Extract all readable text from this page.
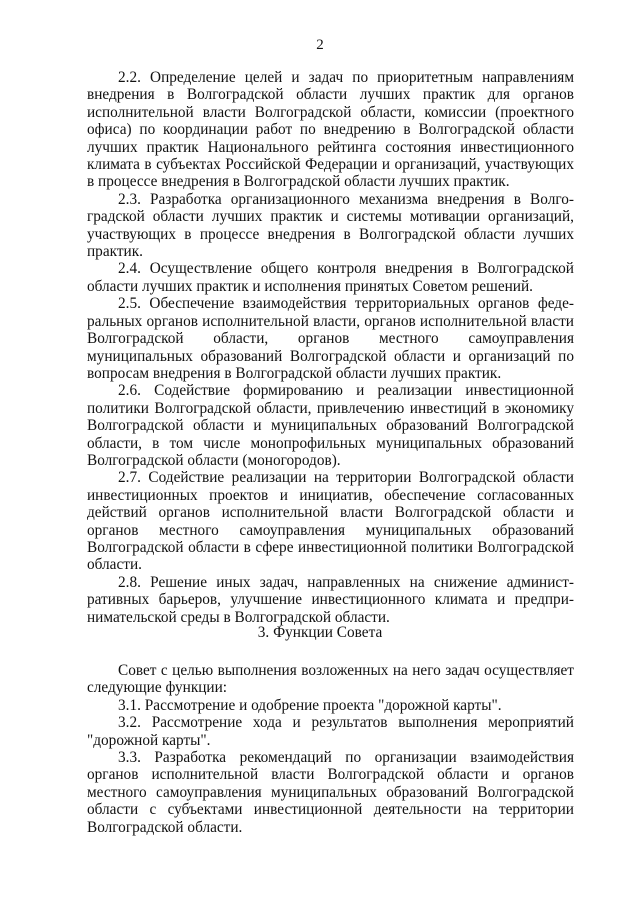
2

2.2. Определение целей и задач по приоритетным направлениям внедрения в Волгоградской области лучших практик для органов исполнительной власти Волгоградской области, комиссии (проектного офиса) по координации работ по внедрению в Волгоградской области лучших практик Национального рейтинга состояния инвестиционного климата в субъектах Российской Федерации и организаций, участвующих в процессе внедрения в Волгоградской области лучших практик.

2.3. Разработка организационного механизма внедрения в Волгоградской области лучших практик и системы мотивации организаций, участвующих в процессе внедрения в Волгоградской области лучших практик.

2.4. Осуществление общего контроля внедрения в Волгоградской области лучших практик и исполнения принятых Советом решений.

2.5. Обеспечение взаимодействия территориальных органов федеральных органов исполнительной власти, органов исполнительной власти Волгоградской области, органов местного самоуправления муниципальных образований Волгоградской области и организаций по вопросам внедрения в Волгоградской области лучших практик.

2.6. Содействие формированию и реализации инвестиционной политики Волгоградской области, привлечению инвестиций в экономику Волгоградской области и муниципальных образований Волгоградской области, в том числе монопрофильных муниципальных образований Волгоградской области (моногородов).

2.7. Содействие реализации на территории Волгоградской области инвестиционных проектов и инициатив, обеспечение согласованных действий органов исполнительной власти Волгоградской области и органов местного самоуправления муниципальных образований Волгоградской области в сфере инвестиционной политики Волгоградской области.

2.8. Решение иных задач, направленных на снижение административных барьеров, улучшение инвестиционного климата и предпринимательской среды в Волгоградской области.

3. Функции Совета

Совет с целью выполнения возложенных на него задач осуществляет следующие функции:

3.1. Рассмотрение и одобрение проекта "дорожной карты".

3.2. Рассмотрение хода и результатов выполнения мероприятий "дорожной карты".

3.3. Разработка рекомендаций по организации взаимодействия органов исполнительной власти Волгоградской области и органов местного самоуправления муниципальных образований Волгоградской области с субъектами инвестиционной деятельности на территории Волгоградской области.
